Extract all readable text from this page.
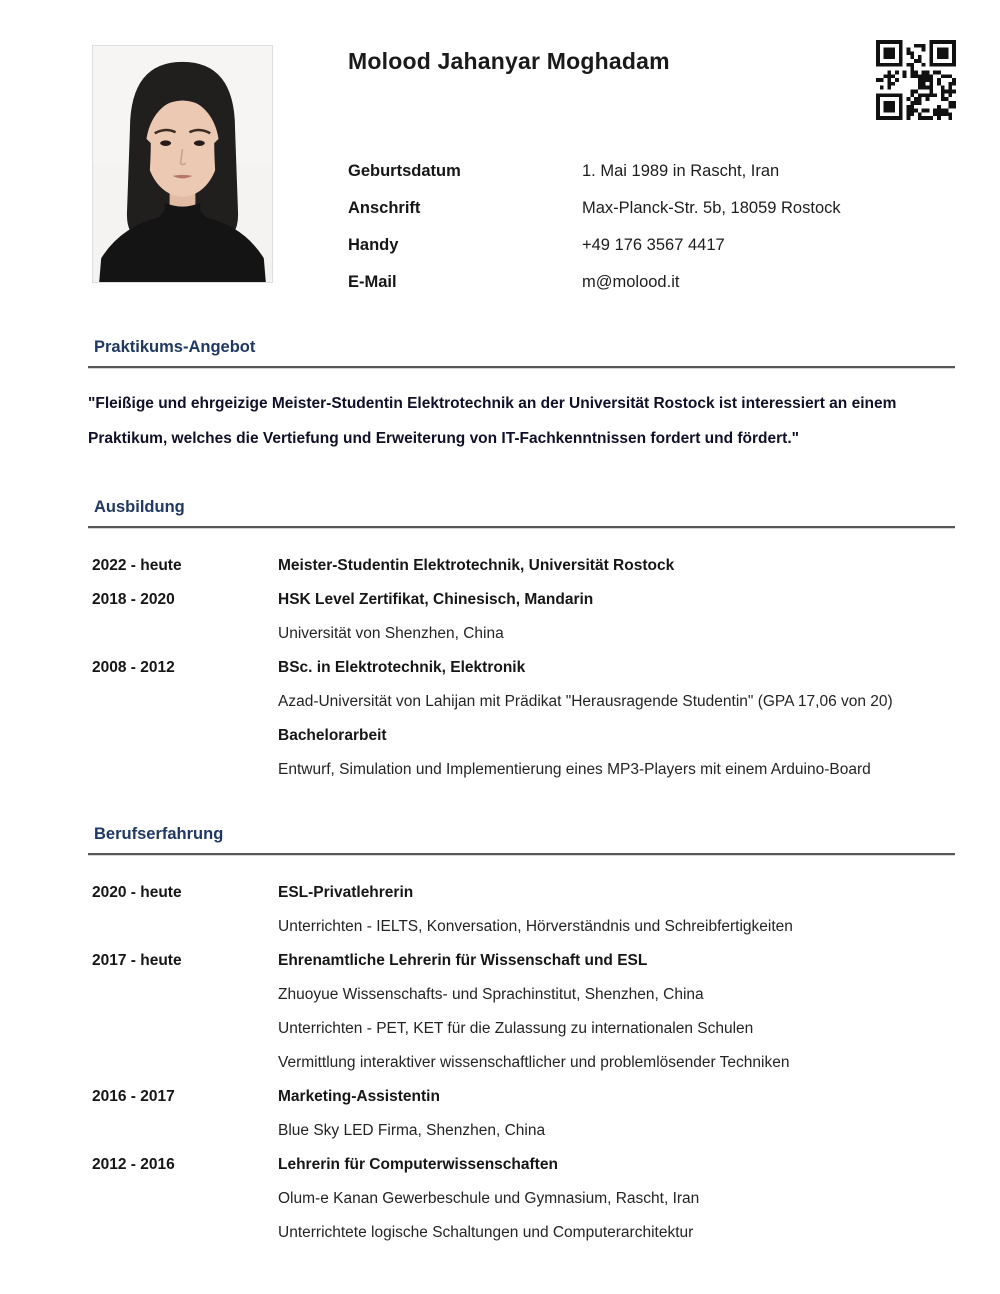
Molood Jahanyar Moghadam
Geburtsdatum	1. Mai 1989 in Rascht, Iran
Anschrift	Max-Planck-Str. 5b, 18059 Rostock
Handy	+49 176 3567 4417
E-Mail	m@molood.it
Praktikums-Angebot

"Fleißige und ehrgeizige Meister-Studentin Elektrotechnik an der Universität Rostock ist interessiert an einem Praktikum, welches die Vertiefung und Erweiterung von IT-Fachkenntnissen fordert und fördert."

Ausbildung
2022 - heute	Meister-Studentin Elektrotechnik, Universität Rostock
2018 - 2020	HSK Level Zertifikat, Chinesisch, Mandarin
Universität von Shenzhen, China
2008 - 2012	BSc. in Elektrotechnik, Elektronik
Azad-Universität von Lahijan mit Prädikat "Herausragende Studentin" (GPA 17,06 von 20)
Bachelorarbeit
Entwurf, Simulation und Implementierung eines MP3-Players mit einem Arduino-Board
Berufserfahrung
2020 - heute	ESL-Privatlehrerin
Unterrichten - IELTS, Konversation, Hörverständnis und Schreibfertigkeiten
2017 - heute	Ehrenamtliche Lehrerin für Wissenschaft und ESL
Zhuoyue Wissenschafts- und Sprachinstitut, Shenzhen, China
Unterrichten - PET, KET für die Zulassung zu internationalen Schulen
Vermittlung interaktiver wissenschaftlicher und problemlösender Techniken
2016 - 2017	Marketing-Assistentin
Blue Sky LED Firma, Shenzhen, China
2012 - 2016	Lehrerin für Computerwissenschaften
Olum-e Kanan Gewerbeschule und Gymnasium, Rascht, Iran
Unterrichtete logische Schaltungen und Computerarchitektur
